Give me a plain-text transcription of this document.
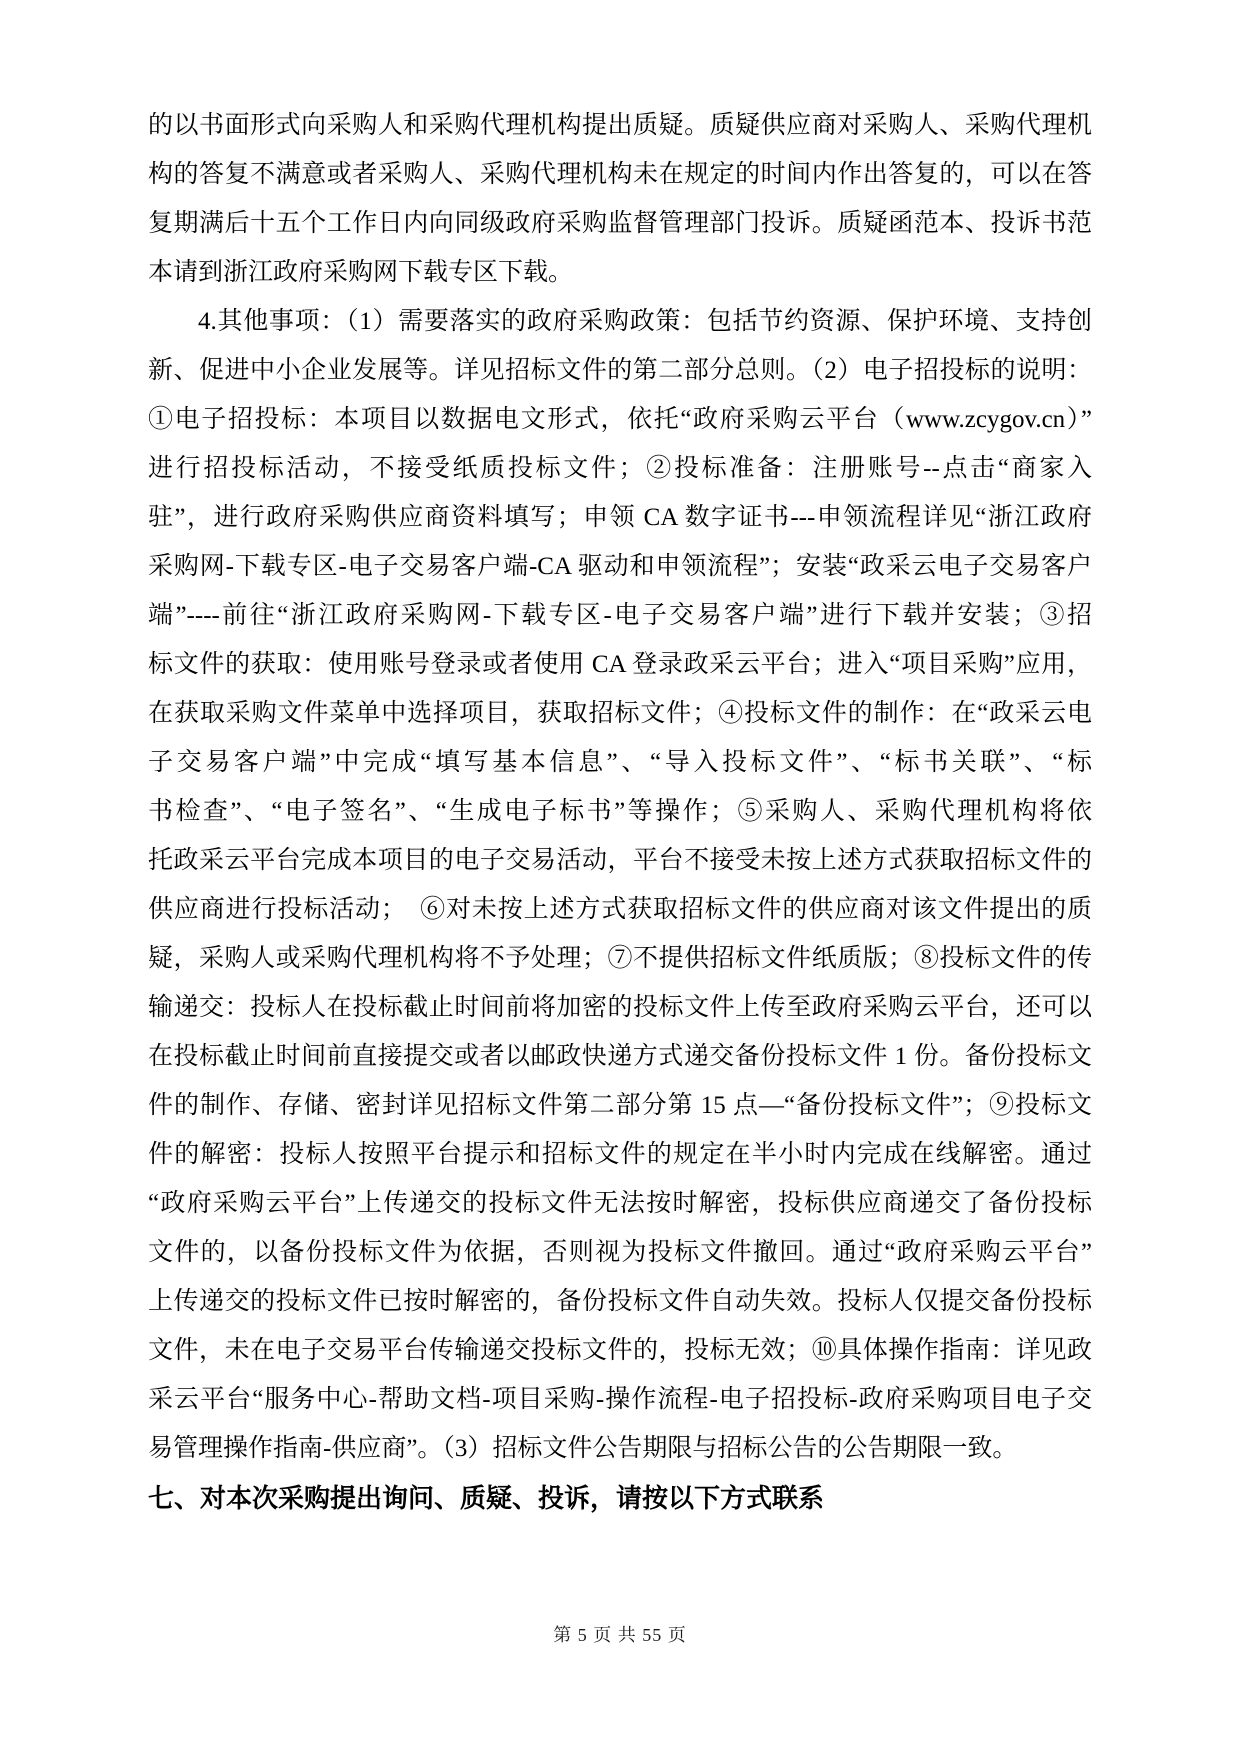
的以书面形式向采购人和采购代理机构提出质疑。质疑供应商对采购人、采购代理机
构的答复不满意或者采购人、采购代理机构未在规定的时间内作出答复的，可以在答
复期满后十五个工作日内向同级政府采购监督管理部门投诉。质疑函范本、投诉书范
本请到浙江政府采购网下载专区下载。
4.其他事项：（1）需要落实的政府采购政策：包括节约资源、保护环境、支持创
新、促进中小企业发展等。详见招标文件的第二部分总则。（2）电子招投标的说明：
①电子招投标：本项目以数据电文形式，依托“政府采购云平台（www.zcygov.cn）”
进行招投标活动，不接受纸质投标文件；②投标准备：注册账号--点击“商家入
驻”，进行政府采购供应商资料填写；申领 CA 数字证书---申领流程详见“浙江政府
采购网-下载专区-电子交易客户端-CA 驱动和申领流程”；安装“政采云电子交易客户
端”----前往“浙江政府采购网-下载专区-电子交易客户端”进行下载并安装；③招
标文件的获取：使用账号登录或者使用 CA 登录政采云平台；进入“项目采购”应用，
在获取采购文件菜单中选择项目，获取招标文件；④投标文件的制作：在“政采云电
子交易客户端”中完成“填写基本信息”、“导入投标文件”、“标书关联”、“标
书检查”、“电子签名”、“生成电子标书”等操作；⑤采购人、采购代理机构将依
托政采云平台完成本项目的电子交易活动，平台不接受未按上述方式获取招标文件的
供应商进行投标活动；　⑥对未按上述方式获取招标文件的供应商对该文件提出的质
疑，采购人或采购代理机构将不予处理；⑦不提供招标文件纸质版；⑧投标文件的传
输递交：投标人在投标截止时间前将加密的投标文件上传至政府采购云平台，还可以
在投标截止时间前直接提交或者以邮政快递方式递交备份投标文件 1 份。备份投标文
件的制作、存储、密封详见招标文件第二部分第 15 点—“备份投标文件”；⑨投标文
件的解密：投标人按照平台提示和招标文件的规定在半小时内完成在线解密。通过
“政府采购云平台”上传递交的投标文件无法按时解密，投标供应商递交了备份投标
文件的，以备份投标文件为依据，否则视为投标文件撤回。通过“政府采购云平台”
上传递交的投标文件已按时解密的，备份投标文件自动失效。投标人仅提交备份投标
文件，未在电子交易平台传输递交投标文件的，投标无效；⑩具体操作指南：详见政
采云平台“服务中心-帮助文档-项目采购-操作流程-电子招投标-政府采购项目电子交
易管理操作指南-供应商”。（3）招标文件公告期限与招标公告的公告期限一致。
七、对本次采购提出询问、质疑、投诉，请按以下方式联系
第 5 页 共 55 页
